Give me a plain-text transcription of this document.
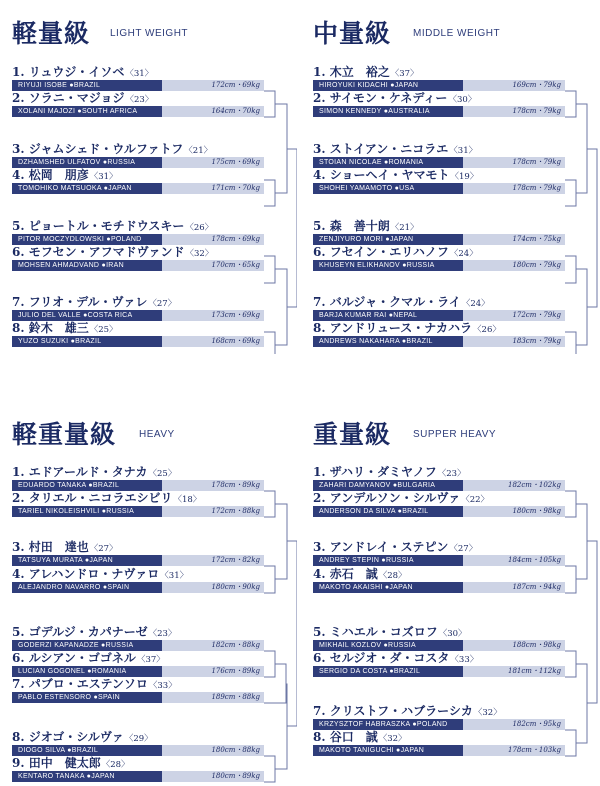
軽量級 LIGHT WEIGHT
1. リュウジ・イソベ〈31〉
RIYUJI ISOBE ●BRAZIL	172cm・69kg
2. ソラニ・マジョジ〈23〉
XOLANI MAJOZI ●SOUTH AFRICA	164cm・70kg
3. ジャムシェド・ウルファトフ〈21〉
DZHAMSHED ULFATOV ●RUSSIA	175cm・69kg
4. 松岡　朋彦〈31〉
TOMOHIKO MATSUOKA ●JAPAN	171cm・70kg
5. ピョートル・モチドウスキー〈26〉
PITOR MOCZYDLOWSKI ●POLAND	178cm・69kg
6. モフセン・アフマドヴァンド〈32〉
MOHSEN AHMADVAND ●IRAN	170cm・65kg
7. フリオ・デル・ヴァレ〈27〉
JULIO DEL VALLE ●COSTA RICA	173cm・69kg
8. 鈴木　雄三〈25〉
YUZO SUZUKI ●BRAZIL	168cm・69kg
中量級 MIDDLE WEIGHT
1. 木立　裕之〈37〉
HIROYUKI KIDACHI ●JAPAN	169cm・79kg
2. サイモン・ケネディー〈30〉
SIMON KENNEDY ●AUSTRALIA	178cm・79kg
3. ストイアン・ニコラエ〈31〉
STOIAN NICOLAE ●ROMANIA	178cm・79kg
4. ショーヘイ・ヤマモト〈19〉
SHOHEI YAMAMOTO ●USA	178cm・79kg
5. 森　善十朗〈21〉
ZENJIYURO MORI ●JAPAN	174cm・75kg
6. フセイン・エリハノフ〈24〉
KHUSEYN ELIKHANOV ●RUSSIA	180cm・79kg
7. バルジャ・クマル・ライ〈24〉
BARJA KUMAR RAI ●NEPAL	172cm・79kg
8. アンドリュース・ナカハラ〈26〉
ANDREWS NAKAHARA ●BRAZIL	183cm・79kg
軽重量級 HEAVY
1. エドアールド・タナカ〈25〉
EDUARDO TANAKA ●BRAZIL	178cm・89kg
2. タリエル・ニコラエシビリ〈18〉
TARIEL NIKOLEISHVILI ●RUSSIA	172cm・88kg
3. 村田　達也〈27〉
TATSUYA MURATA ●JAPAN	172cm・82kg
4. アレハンドロ・ナヴァロ〈31〉
ALEJANDRO NAVARRO ●SPAIN	180cm・90kg
5. ゴデルジ・カパナーゼ〈23〉
GODERZI KAPANADZE ●RUSSIA	182cm・88kg
6. ルシアン・ゴゴネル〈37〉
LUCIAN GOGONEL ●ROMANIA	176cm・89kg
7. パブロ・エステンソロ〈33〉
PABLO ESTENSORO ●SPAIN	189cm・88kg
8. ジオゴ・シルヴァ〈29〉
DIOGO SILVA ●BRAZIL	180cm・88kg
9. 田中　健太郎〈28〉
KENTARO TANAKA ●JAPAN	180cm・89kg
重量級 SUPPER HEAVY
1. ザハリ・ダミヤノフ〈23〉
ZAHARI DAMYANOV ●BULGARIA	182cm・102kg
2. アンデルソン・シルヴァ〈22〉
ANDERSON DA SILVA ●BRAZIL	180cm・98kg
3. アンドレイ・ステピン〈27〉
ANDREY STEPIN ●RUSSIA	184cm・105kg
4. 赤石　誠〈28〉
MAKOTO AKAISHI ●JAPAN	187cm・94kg
5. ミハエル・コズロフ〈30〉
MIKHAIL KOZLOV ●RUSSIA	188cm・98kg
6. セルジオ・ダ・コスタ〈33〉
SERGIO DA COSTA ●BRAZIL	181cm・112kg
7. クリストフ・ハブラーシカ〈32〉
KRZYSZTOF HABRASZKA ●POLAND	182cm・95kg
8. 谷口　誠〈32〉
MAKOTO TANIGUCHI ●JAPAN	178cm・103kg
